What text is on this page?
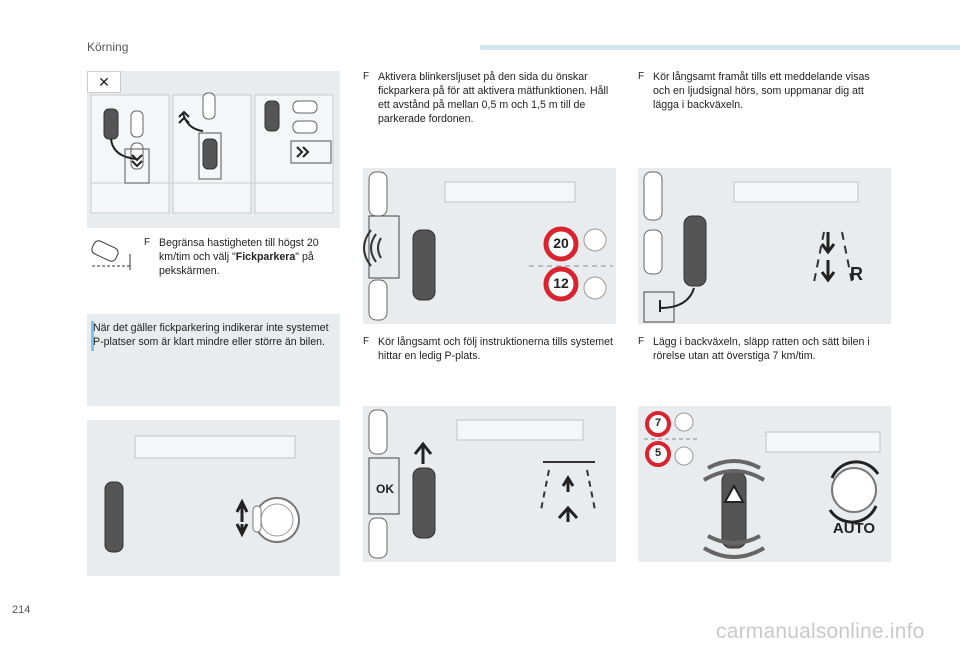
Körning
✕
F Begränsa hastigheten till högst 20 km/tim och välj "Fickparkera" på pekskärmen.
När det gäller fickparkering indikerar inte systemet P-platser som är klart mindre eller större än bilen.
F Aktivera blinkersljuset på den sida du önskar fickparkera på för att aktivera mätfunktionen. Håll ett avstånd på mellan 0,5 m och 1,5 m till de parkerade fordonen.
20
12
F Kör långsamt och följ instruktionerna tills systemet hittar en ledig P-plats.
OK
F Kör långsamt framåt tills ett meddelande visas och en ljudsignal hörs, som uppmanar dig att lägga i backväxeln.
R
F Lägg i backväxeln, släpp ratten och sätt bilen i rörelse utan att överstiga 7 km/tim.
7
5
AUTO
214
carmanualsonline.info
